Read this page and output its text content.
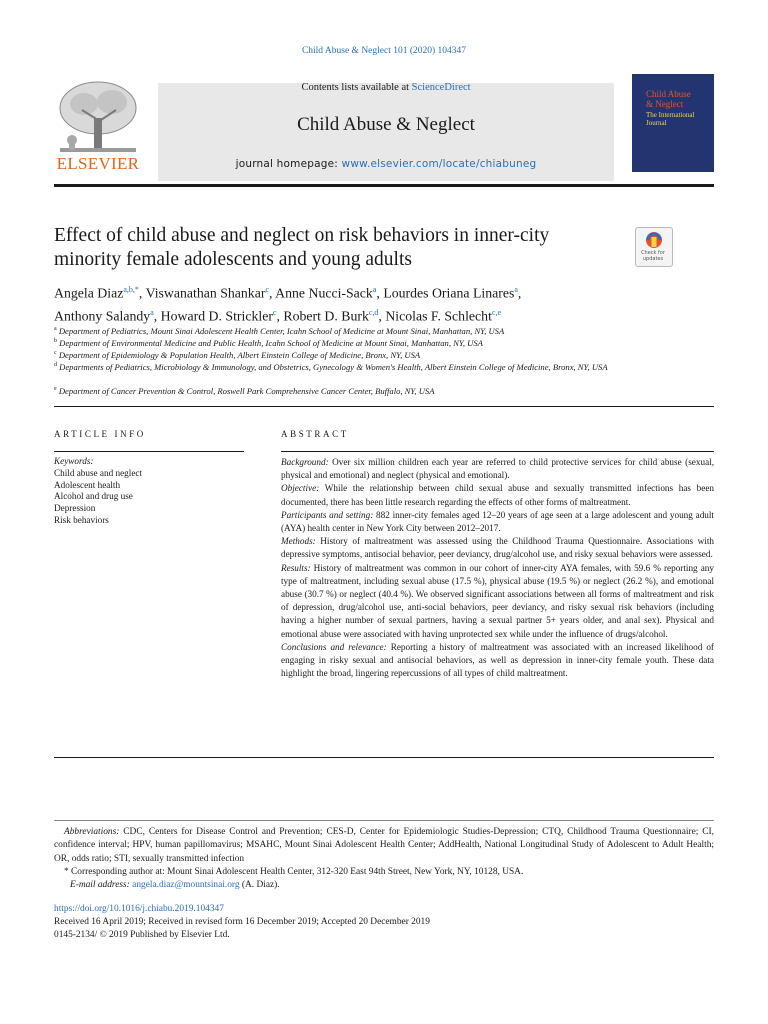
Child Abuse & Neglect 101 (2020) 104347
ELSEVIER
Contents lists available at ScienceDirect
Child Abuse & Neglect
journal homepage: www.elsevier.com/locate/chiabuneg
Child Abuse
& Neglect
The International Journal
Effect of child abuse and neglect on risk behaviors in inner-city
minority female adolescents and young adults	Check for updates
Angela Diaz$^{a,b,*}$, Viswanathan Shankar$^c$, Anne Nucci-Sack$^a$, Lourdes Oriana Linares$^a$,
Anthony Salandy$^a$, Howard D. Strickler$^c$, Robert D. Burk$^{c,d}$, Nicolas F. Schlecht$^{c,e}$
$^a$ Department of Pediatrics, Mount Sinai Adolescent Health Center, Icahn School of Medicine at Mount Sinai, Manhattan, NY, USA
$^b$ Department of Environmental Medicine and Public Health, Icahn School of Medicine at Mount Sinai, Manhattan, NY, USA
$^c$ Department of Epidemiology & Population Health, Albert Einstein College of Medicine, Bronx, NY, USA
$^d$ Departments of Pediatrics, Microbiology & Immunology, and Obstetrics, Gynecology & Women's Health, Albert Einstein College of Medicine, Bronx, NY, USA
$^e$ Department of Cancer Prevention & Control, Roswell Park Comprehensive Cancer Center, Buffalo, NY, USA
ARTICLE INFO
Keywords:
Child abuse and neglect
Adolescent health
Alcohol and drug use
Depression
Risk behaviors
ABSTRACT

Background: Over six million children each year are referred to child protective services for child abuse (sexual, physical and emotional) and neglect (physical and emotional).

Objective: While the relationship between child sexual abuse and sexually transmitted infections has been documented, there has been little research regarding the effects of other forms of maltreatment.

Participants and setting: 882 inner-city females aged 12–20 years of age seen at a large adolescent and young adult (AYA) health center in New York City between 2012–2017.

Methods: History of maltreatment was assessed using the Childhood Trauma Questionnaire. Associations with depressive symptoms, antisocial behavior, peer deviancy, drug/alcohol use, and risky sexual behaviors were assessed.

Results: History of maltreatment was common in our cohort of inner-city AYA females, with 59.6 % reporting any type of maltreatment, including sexual abuse (17.5 %), physical abuse (19.5 %) or neglect (26.2 %), and emotional abuse (30.7 %) or neglect (40.4 %). We observed significant associations between all forms of maltreatment and risk of depression, drug/alcohol use, anti-social behaviors, peer deviancy, and risky sexual risk behaviors (including having a higher number of sexual partners, having a sexual partner 5+ years older, and anal sex). Physical and emotional abuse were associated with having unprotected sex while under the influence of drugs/alcohol.

Conclusions and relevance: Reporting a history of maltreatment was associated with an increased likelihood of engaging in risky sexual and antisocial behaviors, as well as depression in inner-city female youth. These data highlight the broad, lingering repercussions of all types of child maltreatment.

Abbreviations: CDC, Centers for Disease Control and Prevention; CES-D, Center for Epidemiologic Studies-Depression; CTQ, Childhood Trauma Questionnaire; CI, confidence interval; HPV, human papillomavirus; MSAHC, Mount Sinai Adolescent Health Center; AddHealth, National Longitudinal Study of Adolescent to Adult Health; OR, odds ratio; STI, sexually transmitted infection
* Corresponding author at: Mount Sinai Adolescent Health Center, 312-320 East 94th Street, New York, NY, 10128, USA.
E-mail address: angela.diaz@mountsinai.org (A. Diaz).
https://doi.org/10.1016/j.chiabu.2019.104347
Received 16 April 2019; Received in revised form 16 December 2019; Accepted 20 December 2019
0145-2134/ © 2019 Published by Elsevier Ltd.
